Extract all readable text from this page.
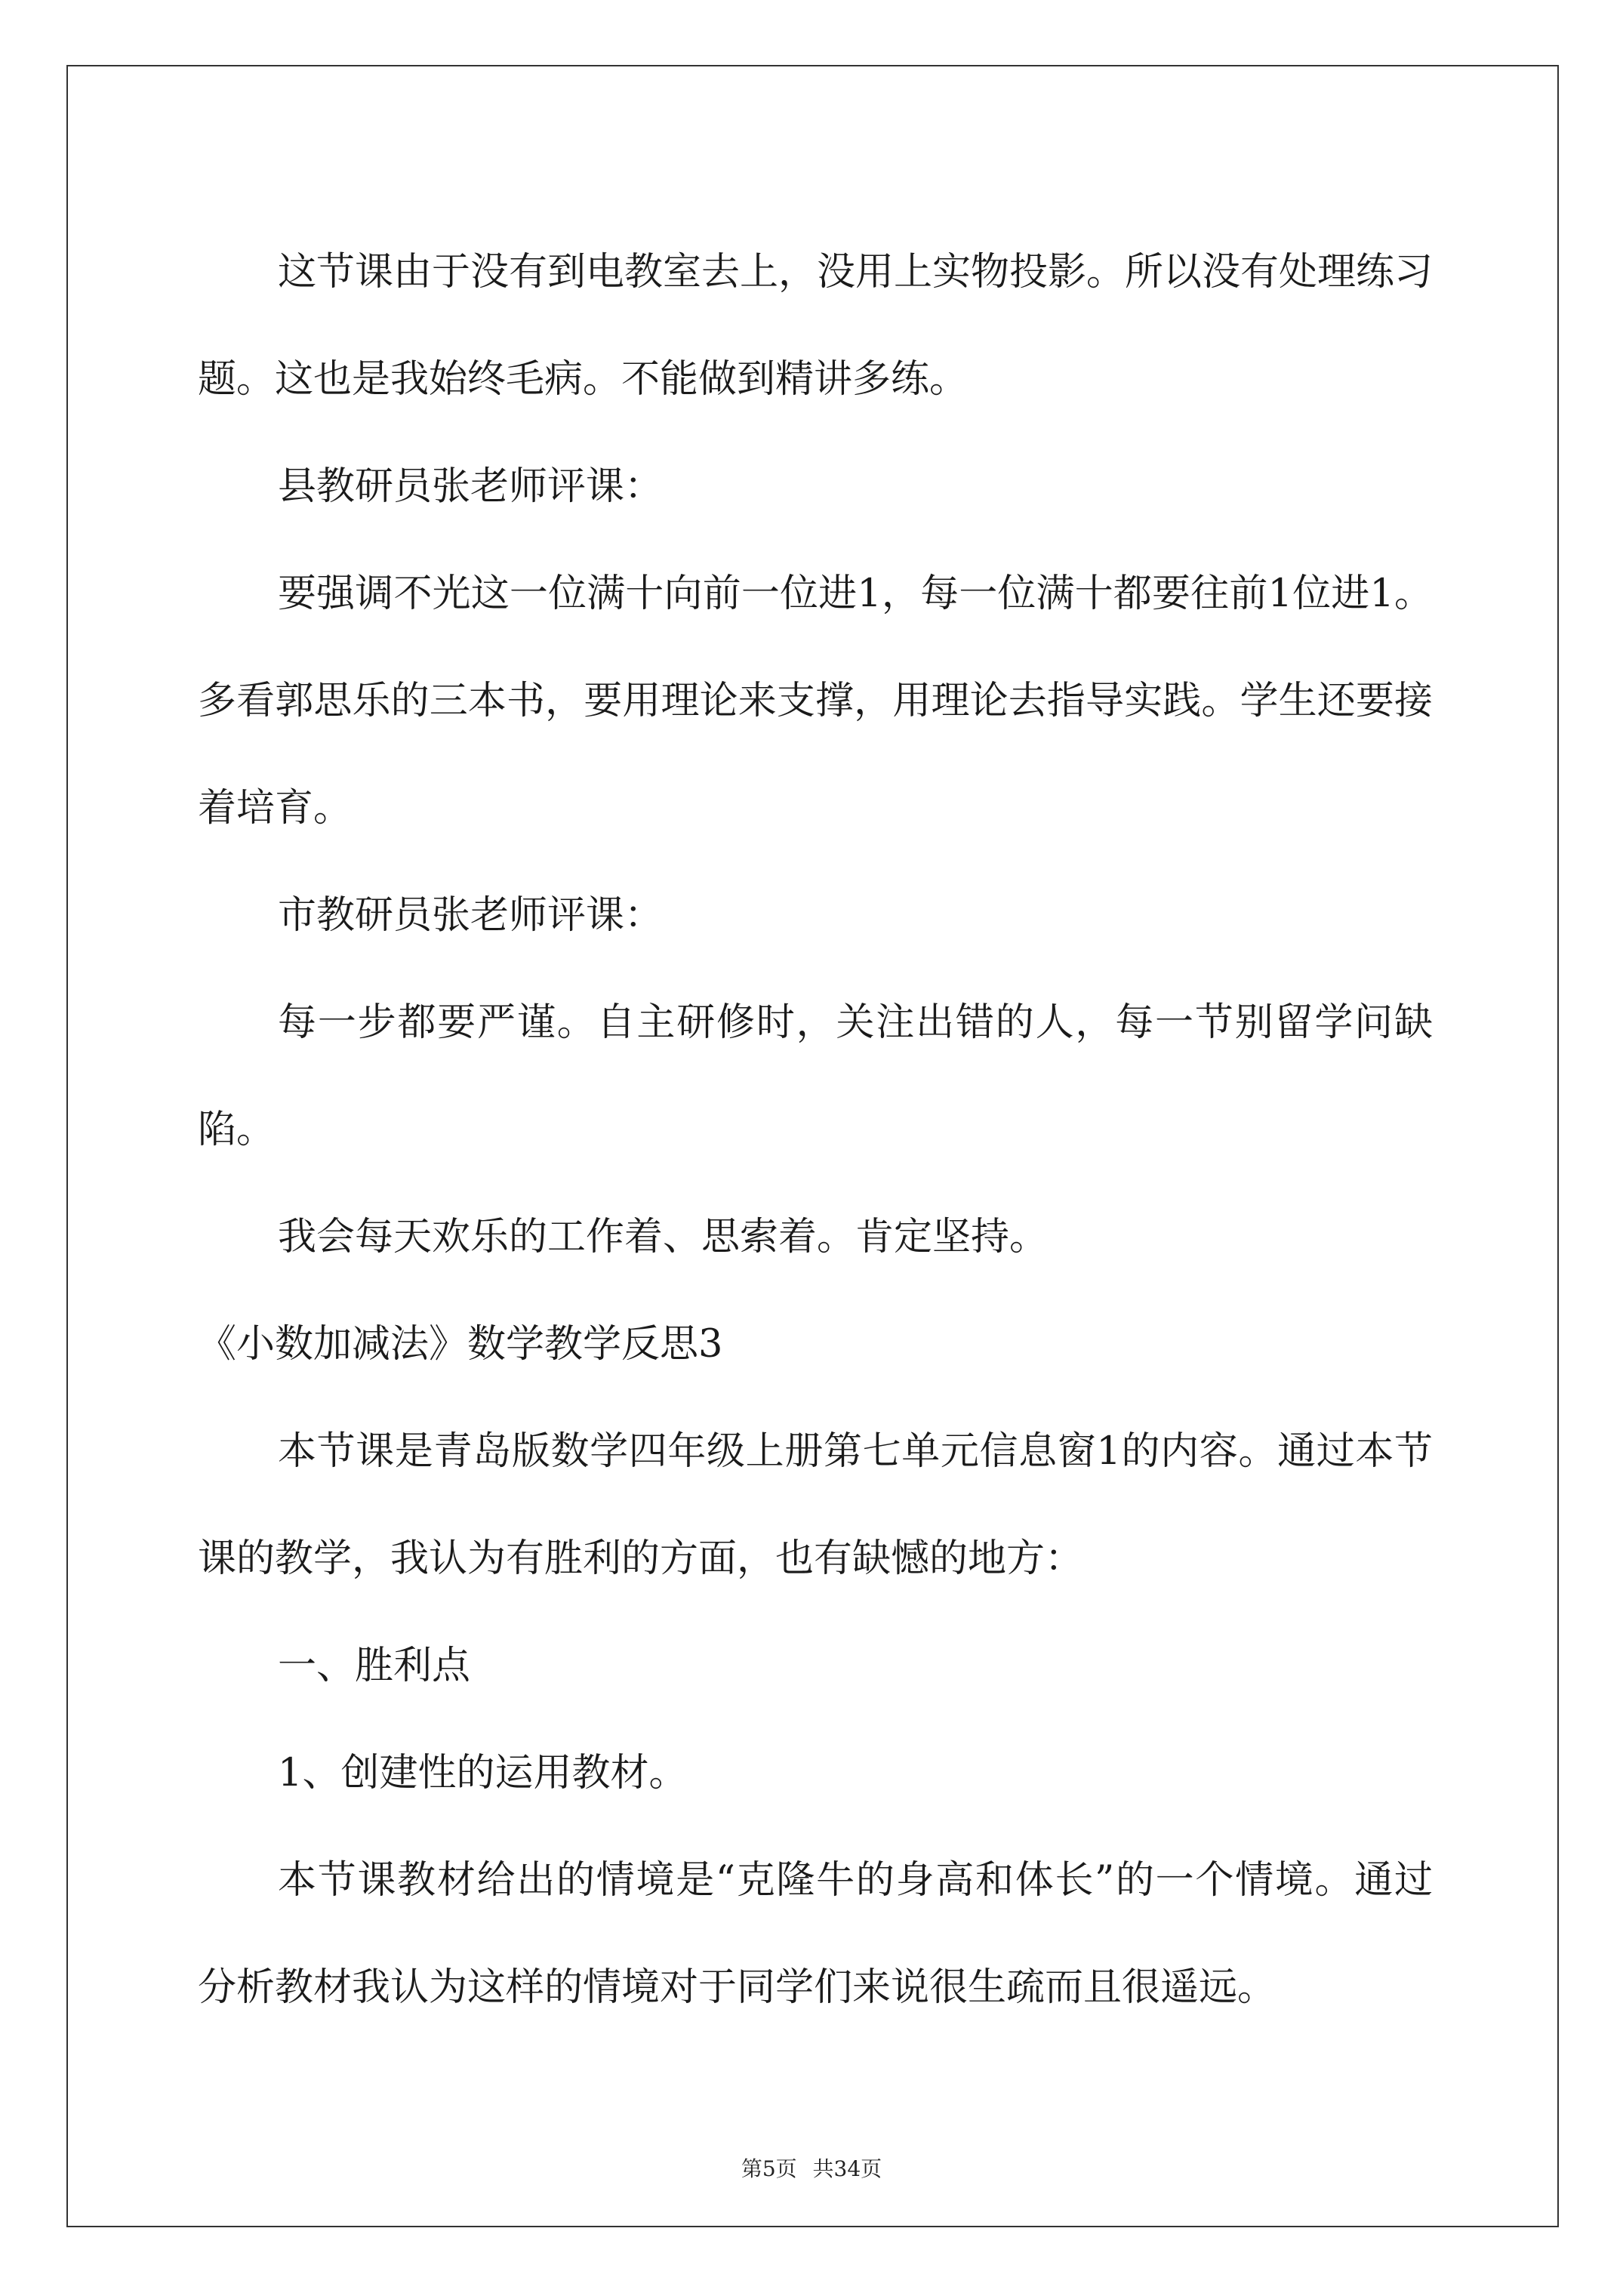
这节课由于没有到电教室去上，没用上实物投影。所以没有处理练习题。这也是我始终毛病。不能做到精讲多练。

县教研员张老师评课：

要强调不光这一位满十向前一位进1，每一位满十都要往前1位进1。多看郭思乐的三本书，要用理论来支撑，用理论去指导实践。学生还要接着培育。

市教研员张老师评课：

每一步都要严谨。自主研修时，关注出错的人，每一节别留学问缺陷。

我会每天欢乐的工作着、思索着。肯定坚持。

《小数加减法》数学教学反思3

本节课是青岛版数学四年级上册第七单元信息窗1的内容。通过本节课的教学，我认为有胜利的方面，也有缺憾的地方：

一、胜利点

1、创建性的运用教材。

本节课教材给出的情境是“克隆牛的身高和体长”的一个情境。通过分析教材我认为这样的情境对于同学们来说很生疏而且很遥远。

第5页 共34页
